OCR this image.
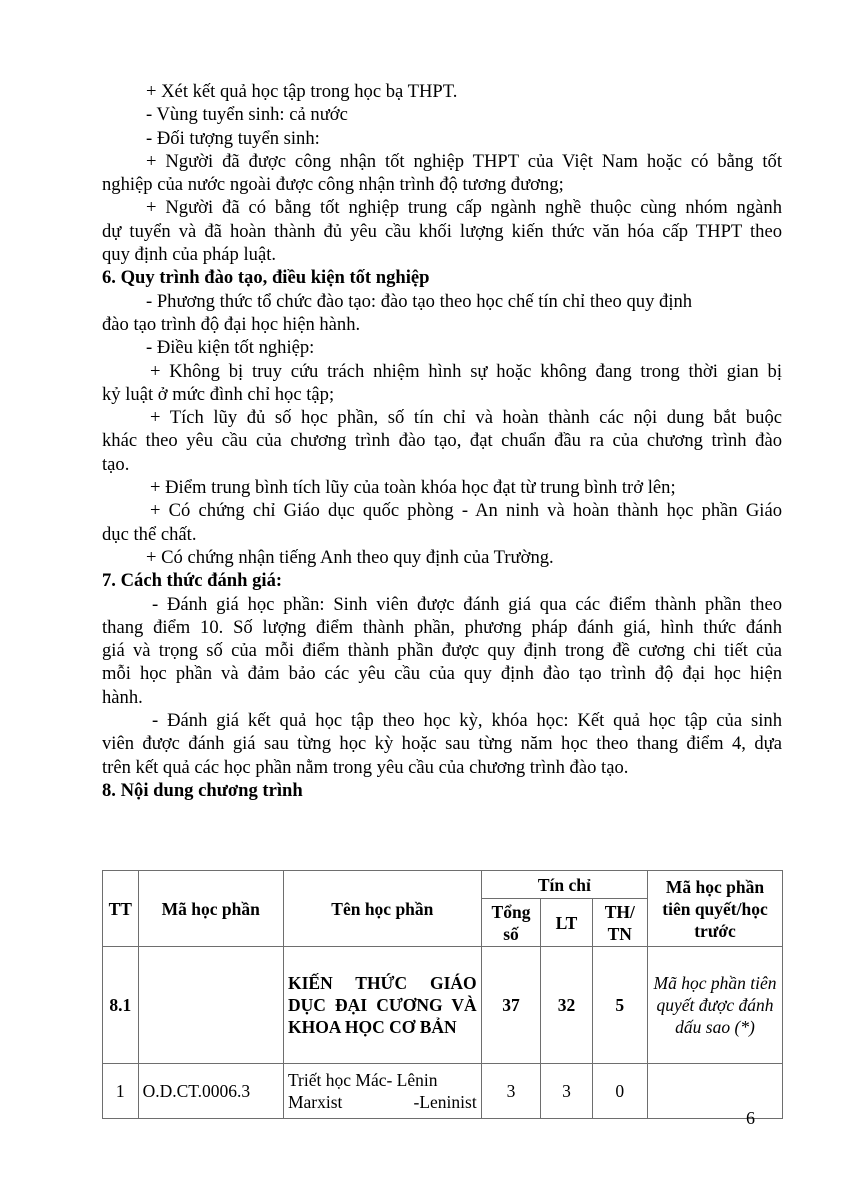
+ Xét kết quả học tập trong học bạ THPT.
- Vùng tuyển sinh: cả nước
- Đối tượng tuyển sinh:
+ Người đã được công nhận tốt nghiệp THPT của Việt Nam hoặc có bằng tốt
nghiệp của nước ngoài được công nhận trình độ tương đương;
+ Người đã có bằng tốt nghiệp trung cấp ngành nghề thuộc cùng nhóm ngành
dự tuyển và đã hoàn thành đủ yêu cầu khối lượng kiến thức văn hóa cấp THPT theo
quy định của pháp luật.
6. Quy trình đào tạo, điều kiện tốt nghiệp
- Phương thức tổ chức đào tạo: đào tạo theo học chế tín chỉ theo quy định
đào tạo trình độ đại học hiện hành.
- Điều kiện tốt nghiệp:
+ Không bị truy cứu trách nhiệm hình sự hoặc không đang trong thời gian bị
kỷ luật ở mức đình chỉ học tập;
+ Tích lũy đủ số học phần, số tín chỉ và hoàn thành các nội dung bắt buộc
khác theo yêu cầu của chương trình đào tạo, đạt chuẩn đầu ra của chương trình đào
tạo.
+ Điểm trung bình tích lũy của toàn khóa học đạt từ trung bình trở lên;
+ Có chứng chỉ Giáo dục quốc phòng - An ninh và hoàn thành học phần Giáo
dục thể chất.
+ Có chứng nhận tiếng Anh theo quy định của Trường.
7. Cách thức đánh giá:
- Đánh giá học phần: Sinh viên được đánh giá qua các điểm thành phần theo
thang điểm 10. Số lượng điểm thành phần, phương pháp đánh giá, hình thức đánh
giá và trọng số của mỗi điểm thành phần được quy định trong đề cương chi tiết của
mỗi học phần và đảm bảo các yêu cầu của quy định đào tạo trình độ đại học hiện
hành.
- Đánh giá kết quả học tập theo học kỳ, khóa học: Kết quả học tập của sinh
viên được đánh giá sau từng học kỳ hoặc sau từng năm học theo thang điểm 4, dựa
trên kết quả các học phần nằm trong yêu cầu của chương trình đào tạo.
8. Nội dung chương trình
TT	Mã học phần	Tên học phần	Tín chỉ			Mã học phần tiên quyết/học trước
			Tổng số	LT	TH/ TN	
8.1		KIẾN THỨC GIÁO DỤC ĐẠI CƯƠNG VÀ KHOA HỌC CƠ BẢN	37	32	5	Mã học phần tiên quyết được đánh dấu sao (*)
1	O.D.CT.0006.3	Triết học Mác- Lênin
Marxist -Leninist	3	3	0	
6
